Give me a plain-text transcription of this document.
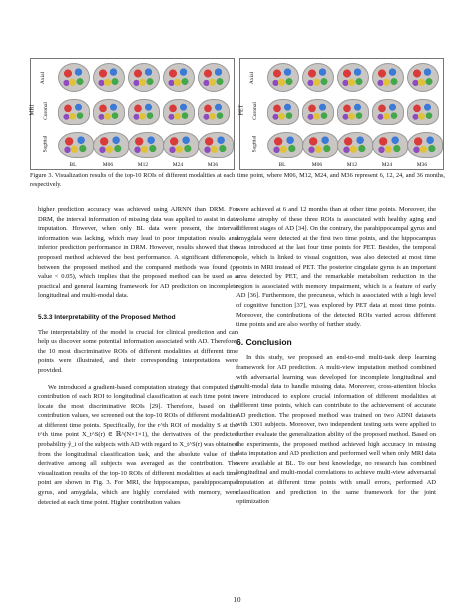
MRI
Axial
Coronal
Sagittal
BL	M06	M12	M24	M36
PET
Axial
Coronal
Sagittal
BL	M06	M12	M24	M36
Figure 3. Visualization results of the top-10 ROIs of different modalities at each time point, where M06, M12, M24, and M36 represent 6, 12, 24, and 36 months, respectively.

higher prediction accuracy was achieved using AJRNN than DRM. For DRM, the interval information of missing data was applied to assist in data imputation. However, when only BL data were present, the interval information was lacking, which may lead to poor imputation results and inferior prediction performance in DRM. However, results showed that the proposed method achieved the best performance. A significant difference between the proposed method and the compared methods was found (p-value < 0.05), which implies that the proposed method can be used as a practical and general learning framework for AD prediction on incomplete longitudinal and multi-modal data.

5.3.3 Interpretability of the Proposed Method

The interpretability of the model is crucial for clinical prediction and can help us discover some potential information associated with AD. Therefore, the 10 most discriminative ROIs of different modalities at different time points were illustrated, and their corresponding interpretations were provided.

We introduced a gradient-based computation strategy that computed the contribution of each ROI to longitudinal classification at each time point to locate the most discriminative ROIs [29]. Therefore, based on the contribution values, we screened out the top-10 ROIs of different modalities at different time points. Specifically, for the r^th ROI of modality S at the t^th time point X_t^S(r) ∈ ℝ^(N×1×1), the derivatives of the predicted probability ŷ_i of the subjects with AD with regard to X_t^S(r) was obtained from the longitudinal classification task, and the absolute value of the derivative among all subjects was averaged as the contribution. The visualization results of the top-10 ROIs of different modalities at each time point are shown in Fig. 3. For MRI, the hippocampus, parahippocampal gyrus, and amygdala, which are highly correlated with memory, were detected at each time point. Higher contribution values

were achieved at 6 and 12 months than at other time points. Moreover, the volume atrophy of these three ROIs is associated with healthy aging and different stages of AD [34]. On the contrary, the parahippocampal gyrus and amygdala were detected at the first two time points, and the hippocampus was introduced at the last four time points for PET. Besides, the temporal pole, which is linked to visual cognition, was also detected at most time points in MRI instead of PET. The posterior cingulate gyrus is an important area detected by PET, and the remarkable metabolism reduction in the region is associated with memory impairment, which is a feature of early AD [36]. Furthermore, the precuneus, which is associated with a high level of cognitive function [37], was explored by PET data at most time points. Moreover, the contributions of the detected ROIs varied across different time points and are also worthy of further study.

6. Conclusion

In this study, we proposed an end-to-end multi-task deep learning framework for AD prediction. A multi-view imputation method combined with adversarial learning was developed for incomplete longitudinal and multi-modal data to handle missing data. Moreover, cross-attention blocks were introduced to explore crucial information of different modalities at different time points, which can contribute to the achievement of accurate AD prediction. The proposed method was trained on two ADNI datasets with 1301 subjects. Moreover, two independent testing sets were applied to further evaluate the generalization ability of the proposed method. Based on the experiments, the proposed method achieved high accuracy in missing data imputation and AD prediction and performed well when only MRI data were available at BL. To our best knowledge, no research has combined longitudinal and multi-modal correlations to achieve multi-view adversarial imputation at different time points with small errors, performed AD classification and prediction in the same framework for the joint optimization

10
